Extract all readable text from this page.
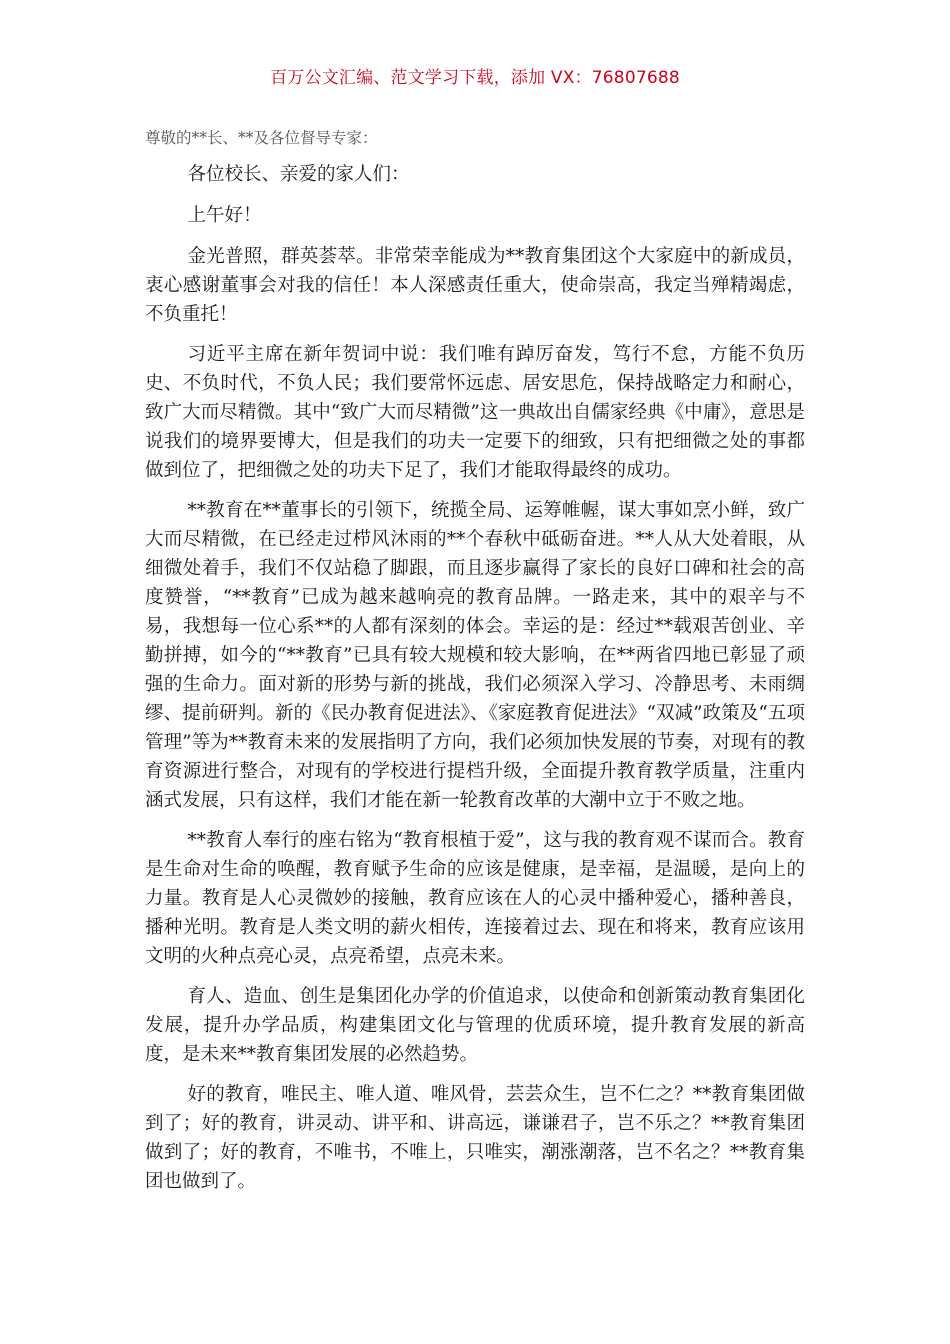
百万公文汇编、范文学习下载，添加 VX：76807688
尊敬的**长、**及各位督导专家：

各位校长、亲爱的家人们：

上午好！

金光普照，群英荟萃。非常荣幸能成为**教育集团这个大家庭中的新成员，衷心感谢董事会对我的信任！本人深感责任重大，使命崇高，我定当殚精竭虑，不负重托！

习近平主席在新年贺词中说：我们唯有踔厉奋发，笃行不怠，方能不负历史、不负时代，不负人民；我们要常怀远虑、居安思危，保持战略定力和耐心，致广大而尽精微。其中“致广大而尽精微”这一典故出自儒家经典《中庸》，意思是说我们的境界要博大，但是我们的功夫一定要下的细致，只有把细微之处的事都做到位了，把细微之处的功夫下足了，我们才能取得最终的成功。

**教育在**董事长的引领下，统揽全局、运筹帷幄，谋大事如烹小鲜，致广大而尽精微，在已经走过栉风沐雨的**个春秋中砥砺奋进。**人从大处着眼，从细微处着手，我们不仅站稳了脚跟，而且逐步赢得了家长的良好口碑和社会的高度赞誉，“**教育”已成为越来越响亮的教育品牌。一路走来，其中的艰辛与不易，我想每一位心系**的人都有深刻的体会。幸运的是：经过**载艰苦创业、辛勤拼搏，如今的“**教育”已具有较大规模和较大影响，在**两省四地已彰显了顽强的生命力。面对新的形势与新的挑战，我们必须深入学习、冷静思考、未雨绸缪、提前研判。新的《民办教育促进法》、《家庭教育促进法》“双减”政策及“五项管理”等为**教育未来的发展指明了方向，我们必须加快发展的节奏，对现有的教育资源进行整合，对现有的学校进行提档升级，全面提升教育教学质量，注重内涵式发展，只有这样，我们才能在新一轮教育改革的大潮中立于不败之地。

**教育人奉行的座右铭为“教育根植于爱”，这与我的教育观不谋而合。教育是生命对生命的唤醒，教育赋予生命的应该是健康，是幸福，是温暖，是向上的力量。教育是人心灵微妙的接触，教育应该在人的心灵中播种爱心，播种善良，播种光明。教育是人类文明的薪火相传，连接着过去、现在和将来，教育应该用文明的火种点亮心灵，点亮希望，点亮未来。

育人、造血、创生是集团化办学的价值追求，以使命和创新策动教育集团化发展，提升办学品质，构建集团文化与管理的优质环境，提升教育发展的新高度，是未来**教育集团发展的必然趋势。

好的教育，唯民主、唯人道、唯风骨，芸芸众生，岂不仁之？**教育集团做到了；好的教育，讲灵动、讲平和、讲高远，谦谦君子，岂不乐之？**教育集团做到了；好的教育，不唯书，不唯上，只唯实，潮涨潮落，岂不名之？**教育集团也做到了。
